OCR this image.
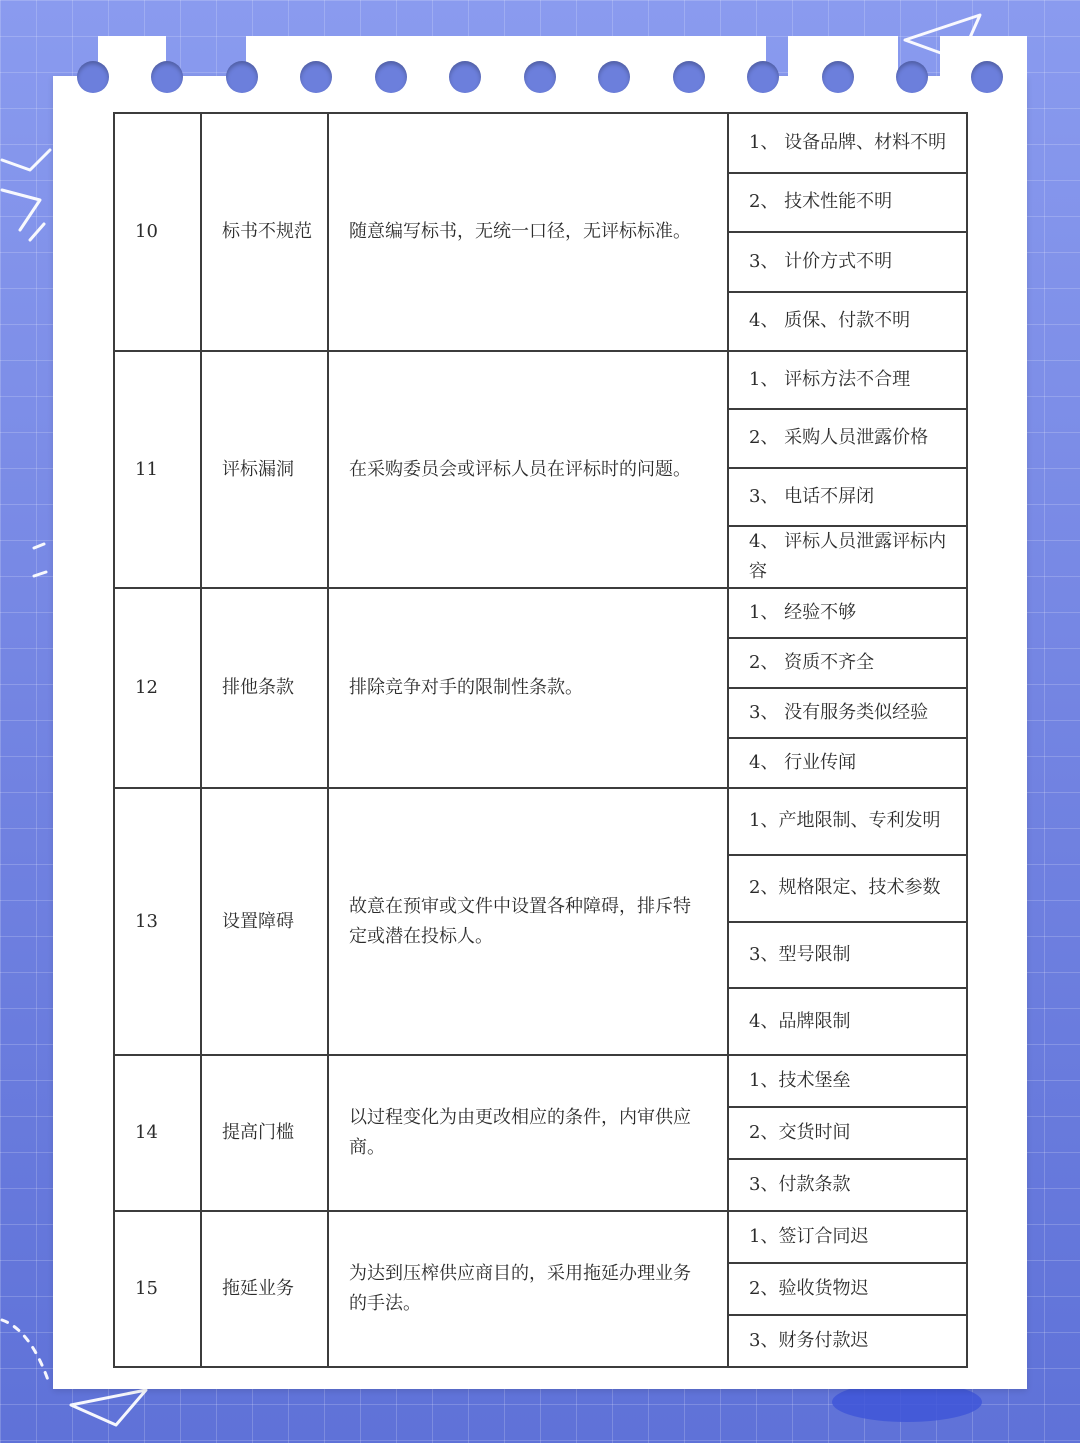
10	标书不规范	随意编写标书，无统一口径，无评标标准。	1、 设备品牌、材料不明
2、 技术性能不明
3、 计价方式不明
4、 质保、付款不明

11	评标漏洞	在采购委员会或评标人员在评标时的问题。	1、 评标方法不合理
2、 采购人员泄露价格
3、 电话不屏闭
4、 评标人员泄露评标内容

12	排他条款	排除竞争对手的限制性条款。	1、 经验不够
2、 资质不齐全
3、 没有服务类似经验
4、 行业传闻

13	设置障碍	故意在预审或文件中设置各种障碍，排斥特定或潜在投标人。	1、产地限制、专利发明
2、规格限定、技术参数
3、型号限制
4、品牌限制

14	提高门槛	以过程变化为由更改相应的条件，内审供应商。	1、技术堡垒
2、交货时间
3、付款条款

15	拖延业务	为达到压榨供应商目的，采用拖延办理业务的手法。	1、签订合同迟
2、验收货物迟
3、财务付款迟
